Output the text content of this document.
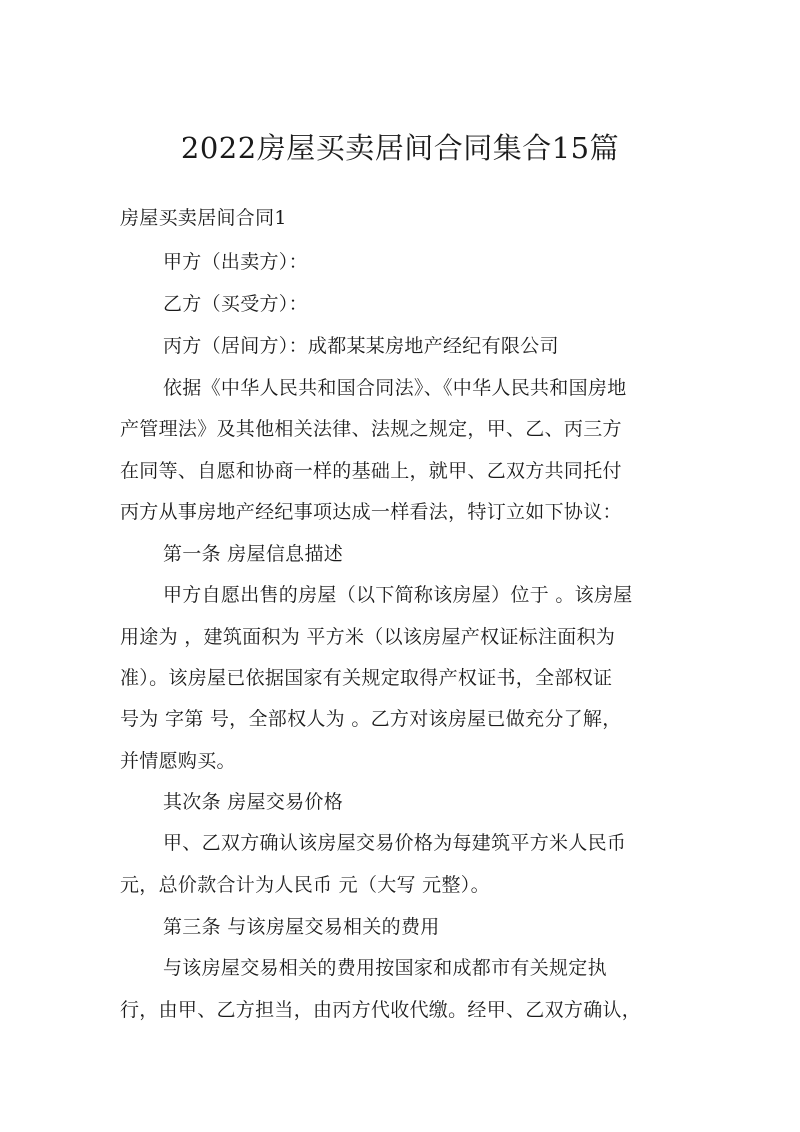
2022房屋买卖居间合同集合15篇
房屋买卖居间合同1
甲方（出卖方）：
乙方（买受方）：
丙方（居间方）：成都某某房地产经纪有限公司
依据《中华人民共和国合同法》、《中华人民共和国房地
产管理法》及其他相关法律、法规之规定，甲、乙、丙三方
在同等、自愿和协商一样的基础上，就甲、乙双方共同托付
丙方从事房地产经纪事项达成一样看法，特订立如下协议：
第一条 房屋信息描述
甲方自愿出售的房屋（以下简称该房屋）位于 。该房屋
用途为 ，建筑面积为 平方米（以该房屋产权证标注面积为
准）。该房屋已依据国家有关规定取得产权证书，全部权证
号为 字第 号，全部权人为 。乙方对该房屋已做充分了解，
并情愿购买。
其次条 房屋交易价格
甲、乙双方确认该房屋交易价格为每建筑平方米人民币
元，总价款合计为人民币 元（大写 元整）。
第三条 与该房屋交易相关的费用
与该房屋交易相关的费用按国家和成都市有关规定执
行，由甲、乙方担当，由丙方代收代缴。经甲、乙双方确认，
